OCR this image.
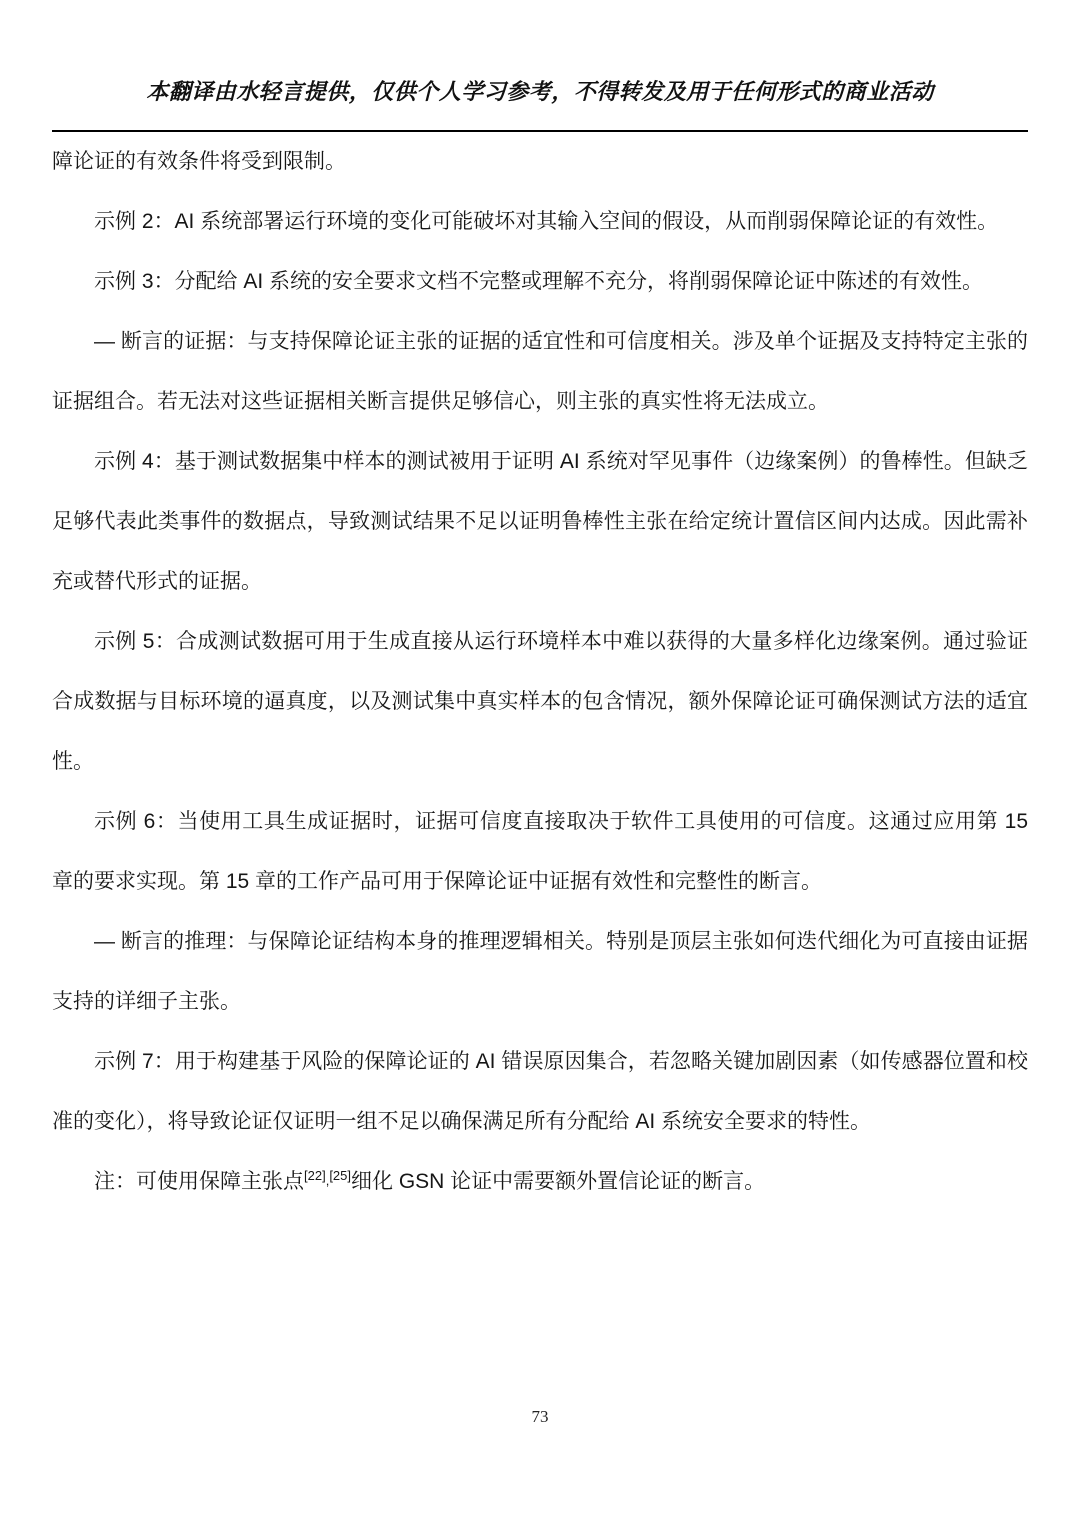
本翻译由水轻言提供，仅供个人学习参考，不得转发及用于任何形式的商业活动

障论证的有效条件将受到限制。

示例 2：AI 系统部署运行环境的变化可能破坏对其输入空间的假设，从而削弱保障论证的有效性。

示例 3：分配给 AI 系统的安全要求文档不完整或理解不充分，将削弱保障论证中陈述的有效性。

— 断言的证据：与支持保障论证主张的证据的适宜性和可信度相关。涉及单个证据及支持特定主张的证据组合。若无法对这些证据相关断言提供足够信心，则主张的真实性将无法成立。

示例 4：基于测试数据集中样本的测试被用于证明 AI 系统对罕见事件（边缘案例）的鲁棒性。但缺乏足够代表此类事件的数据点，导致测试结果不足以证明鲁棒性主张在给定统计置信区间内达成。因此需补充或替代形式的证据。

示例 5：合成测试数据可用于生成直接从运行环境样本中难以获得的大量多样化边缘案例。通过验证合成数据与目标环境的逼真度，以及测试集中真实样本的包含情况，额外保障论证可确保测试方法的适宜性。

示例 6：当使用工具生成证据时，证据可信度直接取决于软件工具使用的可信度。这通过应用第 15 章的要求实现。第 15 章的工作产品可用于保障论证中证据有效性和完整性的断言。

— 断言的推理：与保障论证结构本身的推理逻辑相关。特别是顶层主张如何迭代细化为可直接由证据支持的详细子主张。

示例 7：用于构建基于风险的保障论证的 AI 错误原因集合，若忽略关键加剧因素（如传感器位置和校准的变化），将导致论证仅证明一组不足以确保满足所有分配给 AI 系统安全要求的特性。

注：可使用保障主张点[22],[25]细化 GSN 论证中需要额外置信论证的断言。

73
